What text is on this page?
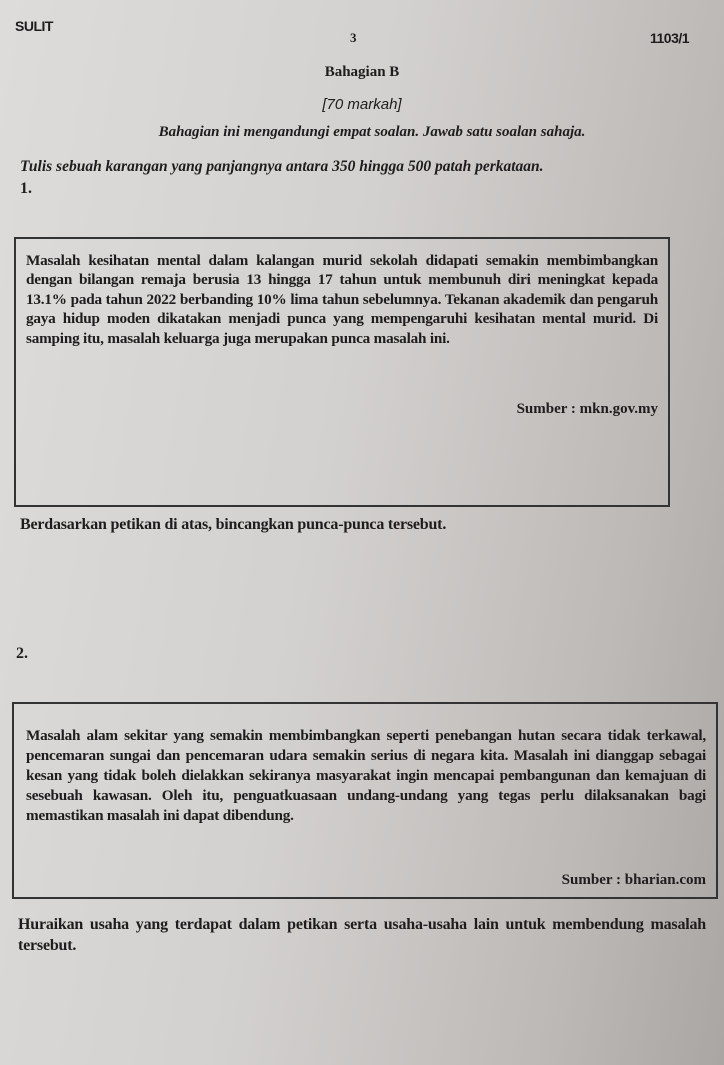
SULIT
3	1103/1
Bahagian B
[70 markah]
Bahagian ini mengandungi empat soalan. Jawab satu soalan sahaja.
Tulis sebuah karangan yang panjangnya antara 350 hingga 500 patah perkataan.
1.
Masalah kesihatan mental dalam kalangan murid sekolah didapati semakin membimbangkan dengan bilangan remaja berusia 13 hingga 17 tahun untuk membunuh diri meningkat kepada 13.1% pada tahun 2022 berbanding 10% lima tahun sebelumnya. Tekanan akademik dan pengaruh gaya hidup moden dikatakan menjadi punca yang mempengaruhi kesihatan mental murid. Di samping itu, masalah keluarga juga merupakan punca masalah ini.
Sumber : mkn.gov.my
Berdasarkan petikan di atas, bincangkan punca-punca tersebut.
2.
Masalah alam sekitar yang semakin membimbangkan seperti penebangan hutan secara tidak terkawal, pencemaran sungai dan pencemaran udara semakin serius di negara kita. Masalah ini dianggap sebagai kesan yang tidak boleh dielakkan sekiranya masyarakat ingin mencapai pembangunan dan kemajuan di sesebuah kawasan. Oleh itu, penguatkuasaan undang-undang yang tegas perlu dilaksanakan bagi memastikan masalah ini dapat dibendung.
Sumber : bharian.com
Huraikan usaha yang terdapat dalam petikan serta usaha-usaha lain untuk membendung masalah tersebut.
